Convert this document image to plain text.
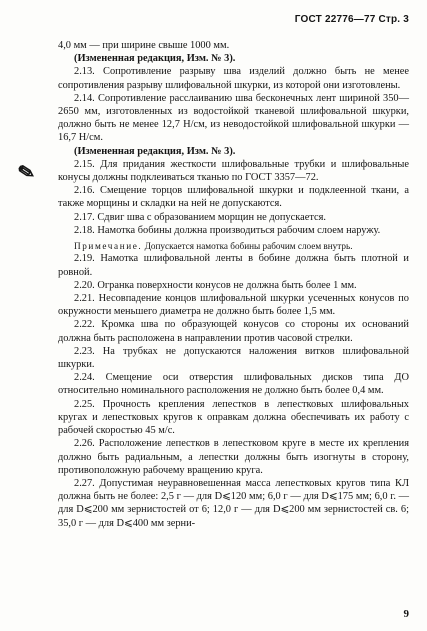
ГОСТ 22776—77 Стр. 3
✎

4,0 мм — при ширине свыше 1000 мм.

(Измененная редакция, Изм. № 3).

2.13. Сопротивление разрыву шва изделий должно быть не менее сопротивления разрыву шлифовальной шкурки, из которой они изготовлены.

2.14. Сопротивление расслаиванию шва бесконечных лент шириной 350—2650 мм, изготовленных из водостойкой тканевой шлифовальной шкурки, должно быть не менее 12,7 Н/см, из неводостойкой шлифовальной шкурки — 16,7 Н/см.

(Измененная редакция, Изм. № 3).

2.15. Для придания жесткости шлифовальные трубки и шлифовальные конусы должны подклеиваться тканью по ГОСТ 3357—72.

2.16. Смещение торцов шлифовальной шкурки и подклеенной ткани, а также морщины и складки на ней не допускаются.

2.17. Сдвиг шва с образованием морщин не допускается.

2.18. Намотка бобины должна производиться рабочим слоем наружу.

Примечание. Допускается намотка бобины рабочим слоем внутрь.

2.19. Намотка шлифовальной ленты в бобине должна быть плотной и ровной.

2.20. Огранка поверхности конусов не должна быть более 1 мм.

2.21. Несовпадение концов шлифовальной шкурки усеченных конусов по окружности меньшего диаметра не должно быть более 1,5 мм.

2.22. Кромка шва по образующей конусов со стороны их оснований должна быть расположена в направлении против часовой стрелки.

2.23. На трубках не допускаются наложения витков шлифовальной шкурки.

2.24. Смещение оси отверстия шлифовальных дисков типа ДО относительно номинального расположения не должно быть более 0,4 мм.

2.25. Прочность крепления лепестков в лепестковых шлифовальных кругах и лепестковых кругов к оправкам должна обеспечивать их работу с рабочей скоростью 45 м/с.

2.26. Расположение лепестков в лепестковом круге в месте их крепления должно быть радиальным, а лепестки должны быть изогнуты в сторону, противоположную рабочему вращению круга.

2.27. Допустимая неуравновешенная масса лепестковых кругов типа КЛ должна быть не более: 2,5 г — для D⩽120 мм; 6,0 г — для D⩽175 мм; 6,0 г. — для D⩽200 мм зернистостей от 6; 12,0 г — для D⩽200 мм зернистостей св. 6; 35,0 г — для D⩽400 мм зерни-

9
